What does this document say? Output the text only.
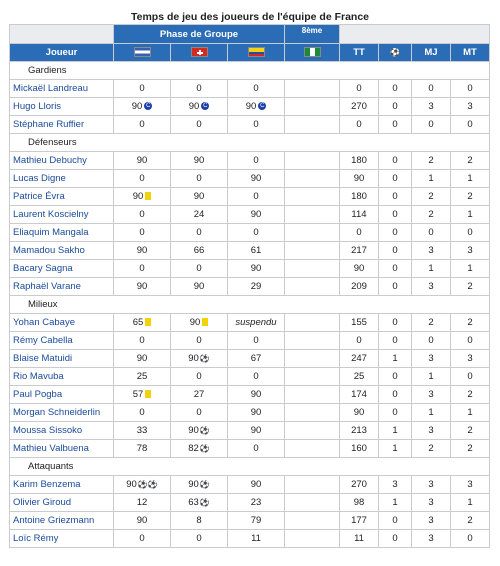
Temps de jeu des joueurs de l'équipe de France
	Phase de Groupe			8ème				
Joueur					TT	⚽	MJ	MT
Gardiens								
Mickaël Landreau	0	0	0		0	0	0	0
Hugo Lloris	90 C	90 C	90 C		270	0	3	3
Stéphane Ruffier	0	0	0		0	0	0	0
Défenseurs								
Mathieu Debuchy	90	90	0		180	0	2	2
Lucas Digne	0	0	90		90	0	1	1
Patrice Évra	90	90	0		180	0	2	2
Laurent Koscielny	0	24	90		114	0	2	1
Eliaquim Mangala	0	0	0		0	0	0	0
Mamadou Sakho	90	66	61		217	0	3	3
Bacary Sagna	0	0	90		90	0	1	1
Raphaël Varane	90	90	29		209	0	3	2
Milieux								
Yohan Cabaye	65	90	suspendu		155	0	2	2
Rémy Cabella	0	0	0		0	0	0	0
Blaise Matuidi	90	90⚽	67		247	1	3	3
Rio Mavuba	25	0	0		25	0	1	0
Paul Pogba	57	27	90		174	0	3	2
Morgan Schneiderlin	0	0	90		90	0	1	1
Moussa Sissoko	33	90⚽	90		213	1	3	2
Mathieu Valbuena	78	82⚽	0		160	1	2	2
Attaquants								
Karim Benzema	90⚽⚽	90⚽	90		270	3	3	3
Olivier Giroud	12	63⚽	23		98	1	3	1
Antoine Griezmann	90	8	79		177	0	3	2
Loïc Rémy	0	0	11		11	0	3	0
